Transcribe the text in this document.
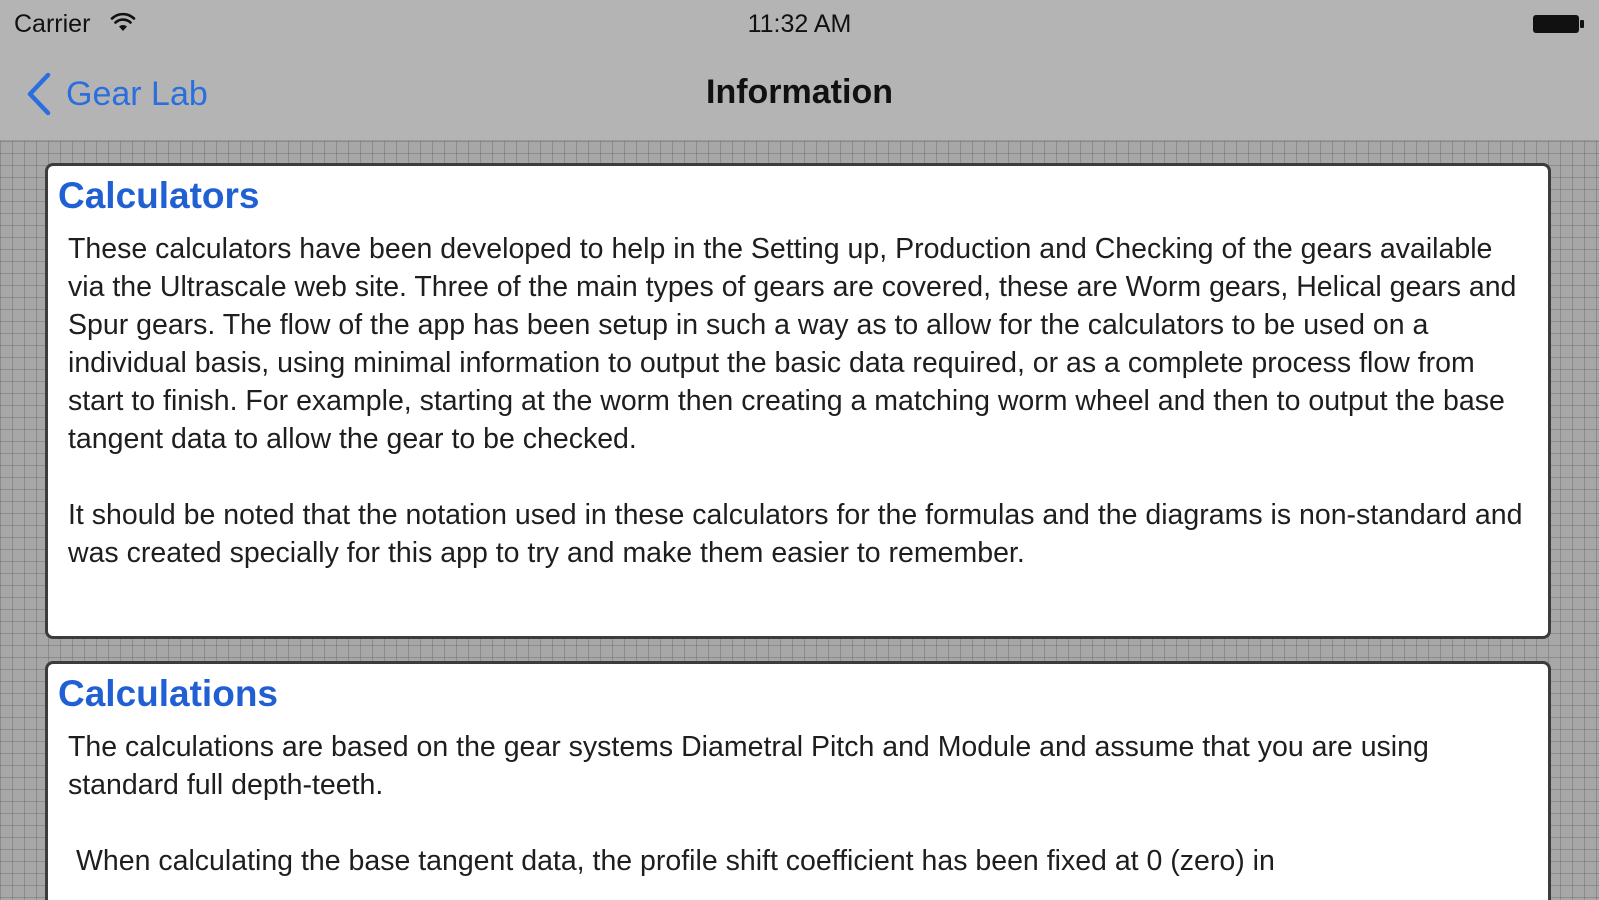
Carrier	11:32 AM
Gear Lab	Information
Calculators

These calculators have been developed to help in the Setting up, Production and Checking of the gears available via the Ultrascale web site. Three of the main types of gears are covered, these are Worm gears, Helical gears and Spur gears. The flow of the app has been setup in such a way as to allow for the calculators to be used on a individual basis, using minimal information to output the basic data required, or as a complete process flow from start to finish. For example, starting at the worm then creating a matching worm wheel and then to output the base tangent data to allow the gear to be checked.

It should be noted that the notation used in these calculators for the formulas and the diagrams is non-standard and was created specially for this app to try and make them easier to remember.

Calculations

The calculations are based on the gear systems Diametral Pitch and Module and assume that you are using standard full depth-teeth.

When calculating the base tangent data, the profile shift coefficient has been fixed at 0 (zero) in
